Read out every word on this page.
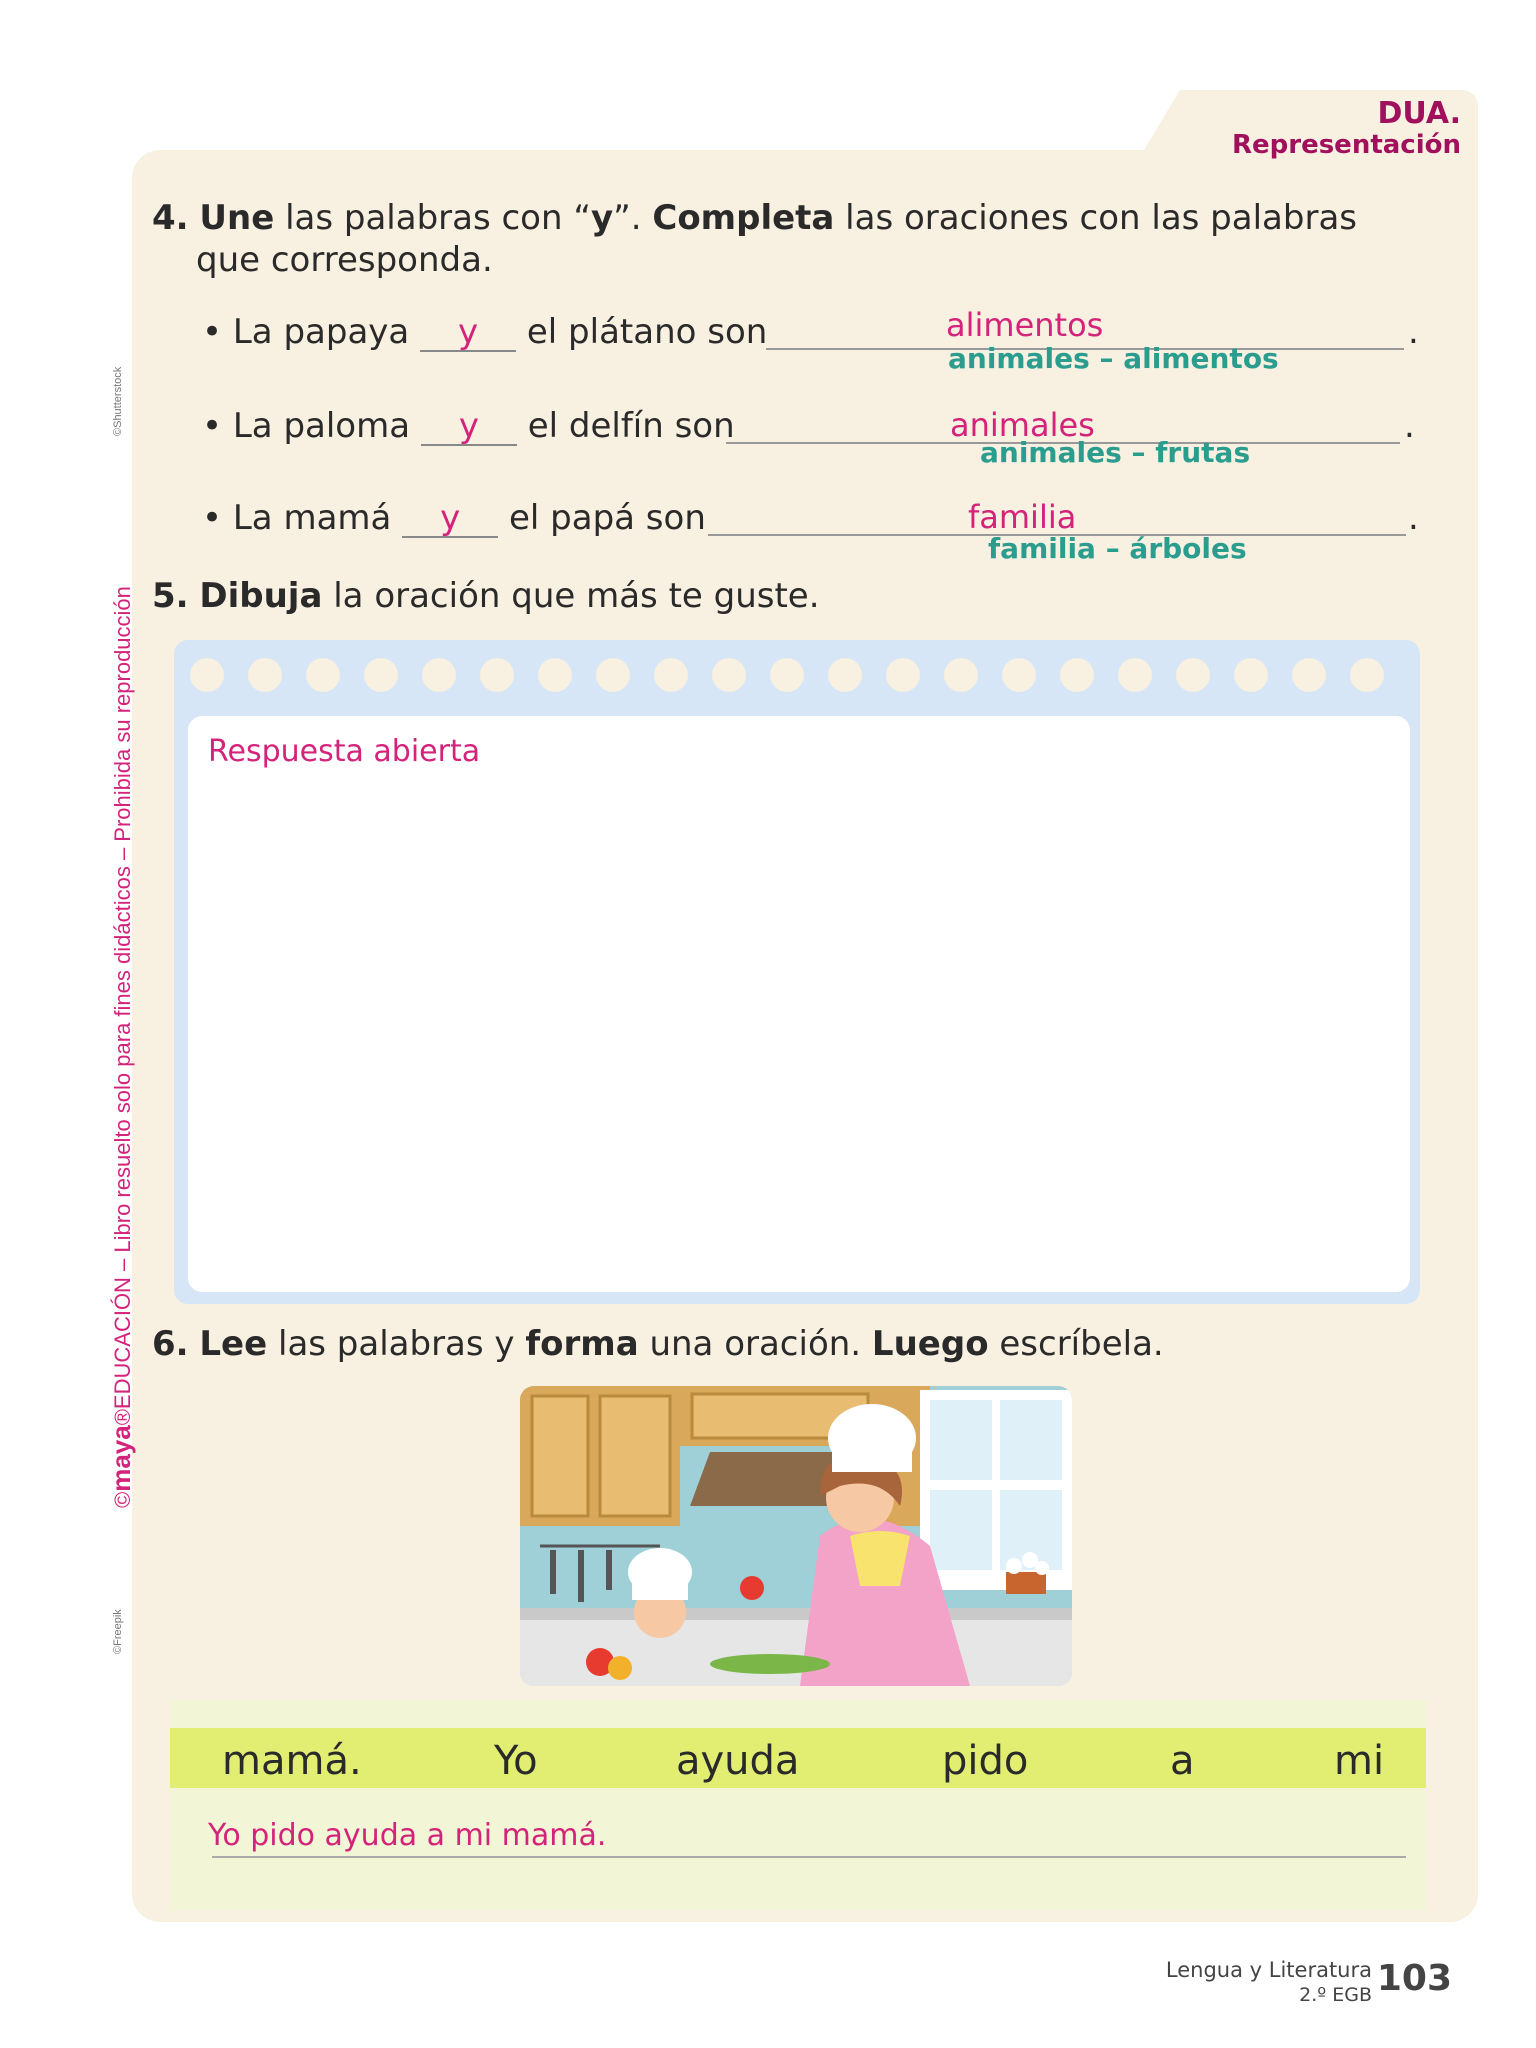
DUA.
Representación
©Shutterstock
©maya®EDUCACIÓN – Libro resuelto solo para fines didácticos – Prohibida su reproducción
©Freepik
4. Une las palabras con “y”. Completa las oraciones con las palabras
que corresponda.
• La papaya y el plátano son	alimentos
animales – alimentos
.
• La paloma y el delfín son	animales
animales – frutas
.
• La mamá y el papá son	familia
familia – árboles
.
5. Dibuja la oración que más te guste.
Respuesta abierta
6. Lee las palabras y forma una oración. Luego escríbela.
mamá.	Yo	ayuda	pido	a	mi
Yo pido ayuda a mi mamá.
Lengua y Literatura
2.º EGB 103
